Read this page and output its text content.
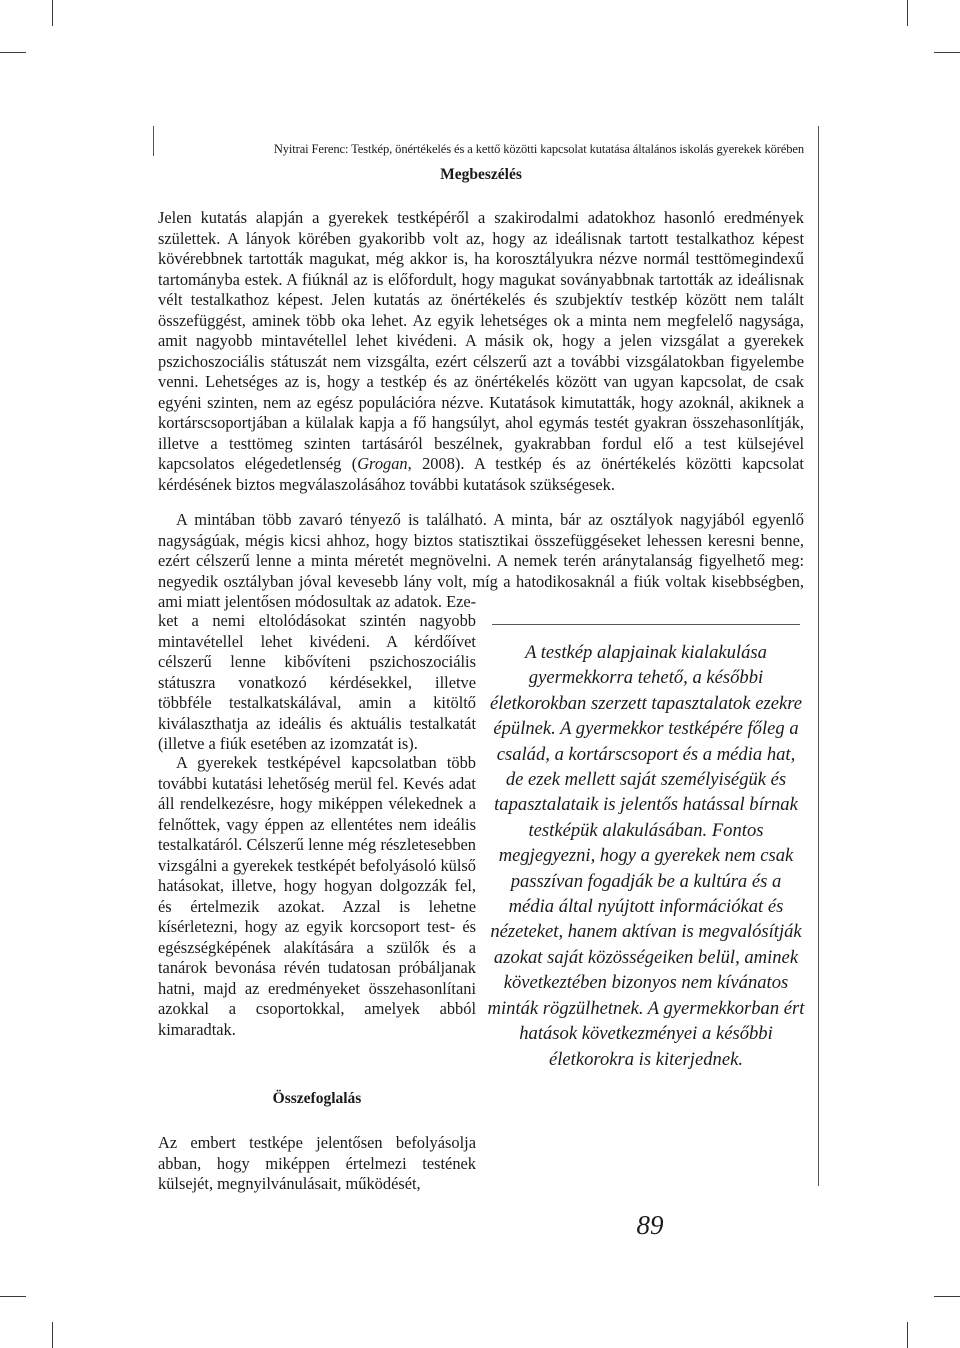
Nyitrai Ferenc: Testkép, önértékelés és a kettő közötti kapcsolat kutatása általános iskolás gyerekek körében
Megbeszélés

Jelen kutatás alapján a gyerekek testképéről a szakirodalmi adatokhoz hasonló eredmények születtek. A lányok körében gyakoribb volt az, hogy az ideálisnak tartott testalkathoz képest kövérebbnek tartották magukat, még akkor is, ha korosztályukra nézve normál testtömegindexű tartományba estek. A fiúknál az is előfordult, hogy magukat soványabbnak tartották az ideálisnak vélt testalkathoz képest. Jelen kutatás az önértékelés és szubjektív testkép között nem talált összefüggést, aminek több oka lehet. Az egyik lehetséges ok a minta nem megfelelő nagysága, amit nagyobb mintavétellel lehet kivédeni. A másik ok, hogy a jelen vizsgálat a gyerekek pszichoszociális státuszát nem vizsgálta, ezért célszerű azt a további vizsgálatokban figyelembe venni. Lehetséges az is, hogy a testkép és az önértékelés között van ugyan kapcsolat, de csak egyéni szinten, nem az egész populációra nézve. Kutatások kimutatták, hogy azoknál, akiknek a kortárscsoportjában a külalak kapja a fő hangsúlyt, ahol egymás testét gyakran összehasonlítják, illetve a testtömeg szinten tartásáról beszélnek, gyakrabban fordul elő a test külsejével kapcsolatos elégedetlenség (Grogan, 2008). A testkép és az önértékelés közötti kapcsolat kérdésének biztos megválaszolásához további kutatások szükségesek.

A mintában több zavaró tényező is található. A minta, bár az osztályok nagyjából egyenlő nagyságúak, mégis kicsi ahhoz, hogy biztos statisztikai összefüggéseket lehessen keresni benne, ezért célszerű lenne a minta méretét megnövelni. A nemek terén aránytalanság figyelhető meg: negyedik osztályban jóval kevesebb lány volt, míg a hatodikosaknál a fiúk voltak kisebbségben, ami miatt jelentősen módosultak az adatok. Eze-

ket a nemi eltolódásokat szintén nagyobb mintavétellel lehet kivédeni. A kérdőívet célszerű lenne kibővíteni pszichoszociális státuszra vonatkozó kérdésekkel, illetve többféle testalkatskálával, amin a kitöltő kiválaszthatja az ideális és aktuális testalkatát (illetve a fiúk esetében az izomzatát is).

A gyerekek testképével kapcsolatban több további kutatási lehetőség merül fel. Kevés adat áll rendelkezésre, hogy miképpen vélekednek a felnőttek, vagy éppen az ellentétes nem ideális testalkatáról. Célszerű lenne még részletesebben vizsgálni a gyerekek testképét befolyásoló külső hatásokat, illetve, hogy hogyan dolgozzák fel, és értelmezik azokat. Azzal is lehetne kísérletezni, hogy az egyik korcsoport test- és egészségképének alakítására a szülők és a tanárok bevonása révén tudatosan próbáljanak hatni, majd az eredményeket összehasonlítani azokkal a csoportokkal, amelyek abból kimaradtak.

Összefoglalás

Az embert testképe jelentősen befolyásolja abban, hogy miképpen értelmezi testének külsejét, megnyilvánulásait, működését,

A testkép alapjainak kialakulása gyermekkorra tehető, a későbbi életkorokban szerzett tapasztalatok ezekre épülnek. A gyermekkor testképére főleg a család, a kortárscsoport és a média hat, de ezek mellett saját személyiségük és tapasztalataik is jelentős hatással bírnak testképük alakulásában. Fontos megjegyezni, hogy a gyerekek nem csak passzívan fogadják be a kultúra és a média által nyújtott információkat és nézeteket, hanem aktívan is megvalósítják azokat saját közösségeiken belül, aminek következtében bizonyos nem kívánatos minták rögzülhetnek. A gyermekkorban ért hatások következményei a későbbi életkorokra is kiterjednek.

89
